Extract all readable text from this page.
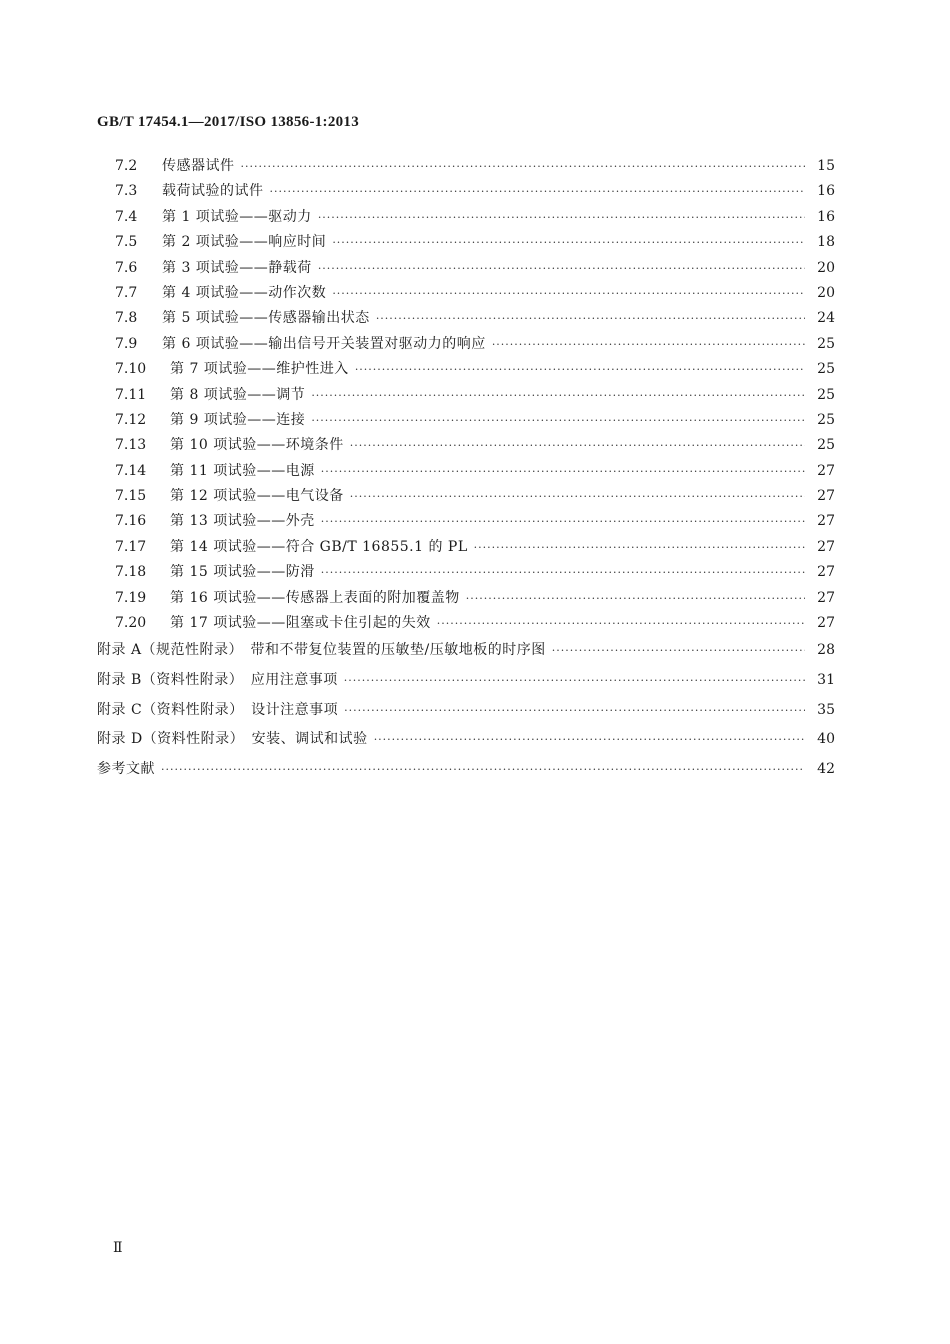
GB/T 17454.1—2017/ISO 13856-1:2013
7.2	传感器试件 ·····	15
7.3	载荷试验的试件 ·····	16
7.4	第 1 项试验——驱动力 ·····	16
7.5	第 2 项试验——响应时间 ·····	18
7.6	第 3 项试验——静载荷 ·····	20
7.7	第 4 项试验——动作次数 ·····	20
7.8	第 5 项试验——传感器输出状态 ·····	24
7.9	第 6 项试验——输出信号开关装置对驱动力的响应 ·····	25
7.10	第 7 项试验——维护性进入 ·····	25
7.11	第 8 项试验——调节 ·····	25
7.12	第 9 项试验——连接 ·····	25
7.13	第 10 项试验——环境条件 ·····	25
7.14	第 11 项试验——电源 ·····	27
7.15	第 12 项试验——电气设备 ·····	27
7.16	第 13 项试验——外壳 ·····	27
7.17	第 14 项试验——符合 GB/T 16855.1 的 PL ·····	27
7.18	第 15 项试验——防滑 ·····	27
7.19	第 16 项试验——传感器上表面的附加覆盖物 ·····	27
7.20	第 17 项试验——阻塞或卡住引起的失效 ·····	27
附录 A（规范性附录）　带和不带复位装置的压敏垫/压敏地板的时序图 ·····	28
附录 B（资料性附录）　应用注意事项 ·····	31
附录 C（资料性附录）　设计注意事项 ·····	35
附录 D（资料性附录）　安装、调试和试验 ·····	40
参考文献 ·····	42
Ⅱ
